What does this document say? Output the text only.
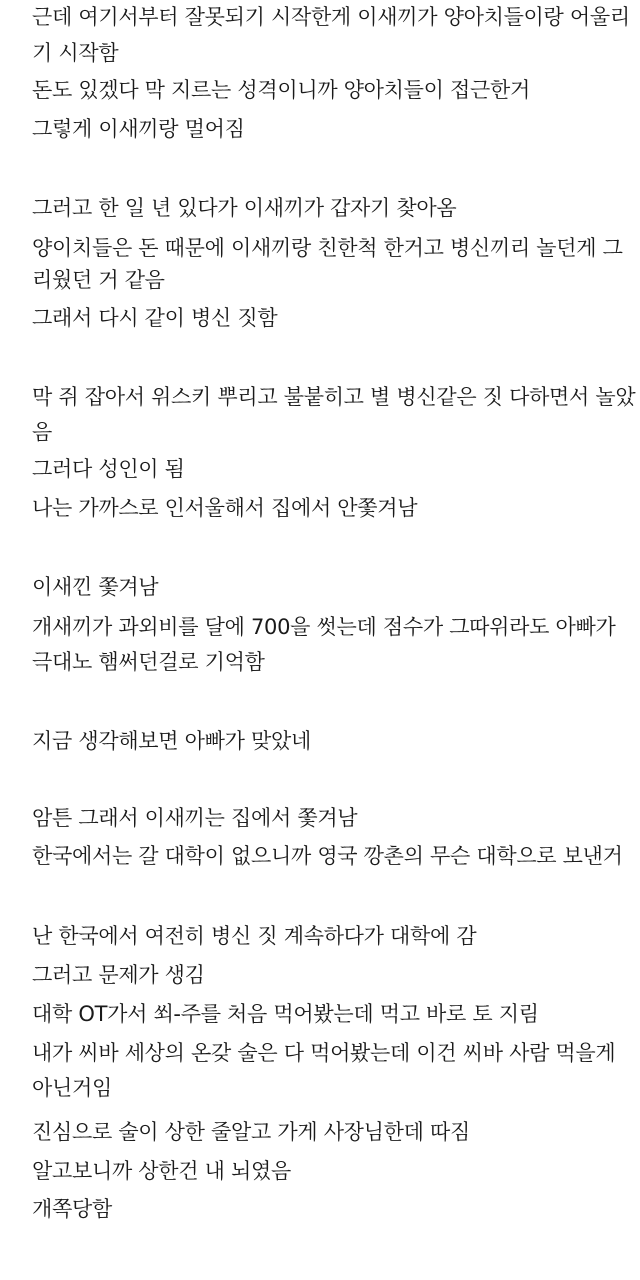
근데 여기서부터 잘못되기 시작한게 이새끼가 양아치들이랑 어울리
기 시작함
돈도 있겠다 막 지르는 성격이니까 양아치들이 접근한거
그렇게 이새끼랑 멀어짐
그러고 한 일 년 있다가 이새끼가 갑자기 찾아옴
양이치들은 돈 때문에 이새끼랑 친한척 한거고 병신끼리 놀던게 그
리웠던 거 같음
그래서 다시 같이 병신 짓함
막 쥐 잡아서 위스키 뿌리고 불붙히고 별 병신같은 짓 다하면서 놀았
음
그러다 성인이 됨
나는 가까스로 인서울해서 집에서 안쫓겨남
이새낀 쫓겨남
개새끼가 과외비를 달에 700을 썻는데 점수가 그따위라도 아빠가
극대노 햄써던걸로 기억함
지금 생각해보면 아빠가 맞았네
암튼 그래서 이새끼는 집에서 쫓겨남
한국에서는 갈 대학이 없으니까 영국 깡촌의 무슨 대학으로 보낸거
난 한국에서 여전히 병신 짓 계속하다가 대학에 감
그러고 문제가 생김
대학 OT가서 쐬-주를 처음 먹어봤는데 먹고 바로 토 지림
내가 씨바 세상의 온갖 술은 다 먹어봤는데 이건 씨바 사람 먹을게
아닌거임
진심으로 술이 상한 줄알고 가게 사장님한데 따짐
알고보니까 상한건 내 뇌였음
개쪽당함
